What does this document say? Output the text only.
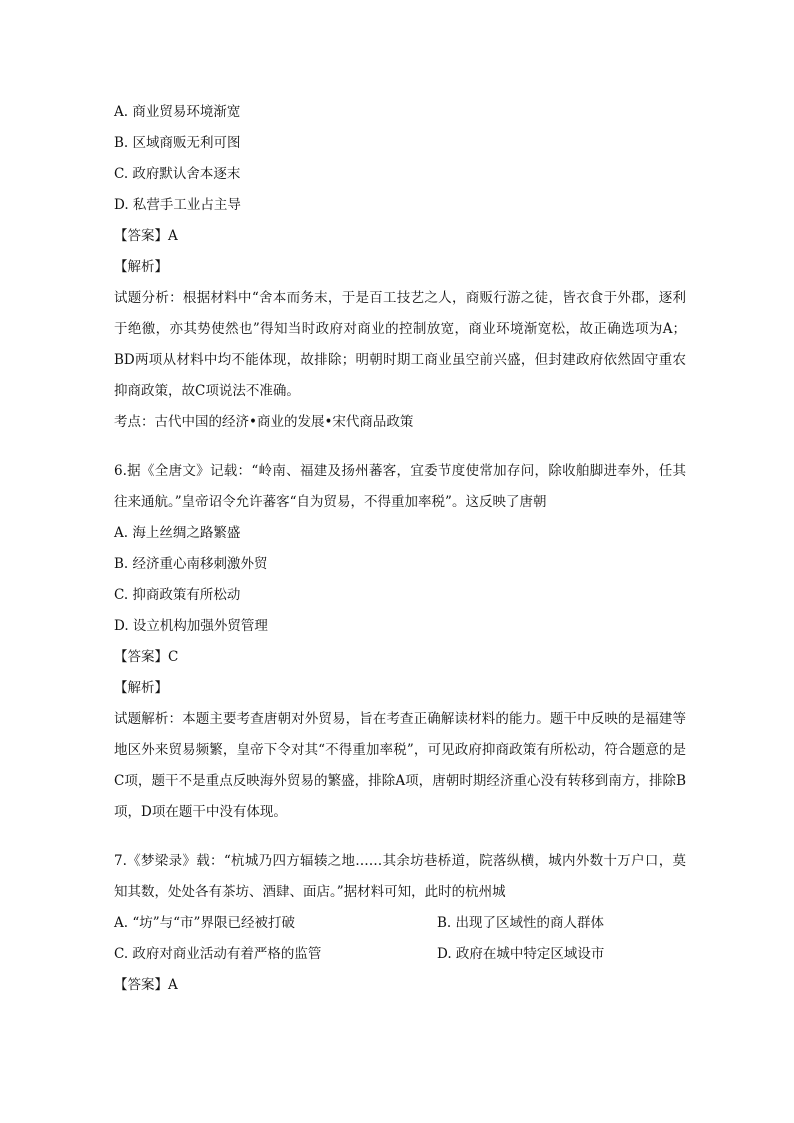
A. 商业贸易环境渐宽
B. 区域商贩无利可图
C. 政府默认舍本逐末
D. 私营手工业占主导
【答案】A
【解析】
试题分析：根据材料中“舍本而务末，于是百工技艺之人，商贩行游之徒，皆衣食于外郡，逐利于绝徼，亦其势使然也”得知当时政府对商业的控制放宽，商业环境渐宽松，故正确选项为A；BD两项从材料中均不能体现，故排除；明朝时期工商业虽空前兴盛，但封建政府依然固守重农抑商政策，故C项说法不准确。
考点：古代中国的经济•商业的发展•宋代商品政策
6.据《全唐文》记载：“岭南、福建及扬州蕃客，宜委节度使常加存问，除收舶脚进奉外，任其往来通航。”皇帝诏令允许蕃客“自为贸易，不得重加率税”。这反映了唐朝
A. 海上丝绸之路繁盛
B. 经济重心南移刺激外贸
C. 抑商政策有所松动
D. 设立机构加强外贸管理
【答案】C
【解析】
试题解析：本题主要考查唐朝对外贸易，旨在考查正确解读材料的能力。题干中反映的是福建等地区外来贸易频繁，皇帝下令对其“不得重加率税”，可见政府抑商政策有所松动，符合题意的是C项，题干不是重点反映海外贸易的繁盛，排除A项，唐朝时期经济重心没有转移到南方，排除B项，D项在题干中没有体现。
7.《梦梁录》载：“杭城乃四方辐辏之地……其余坊巷桥道，院落纵横，城内外数十万户口，莫知其数，处处各有茶坊、酒肆、面店。”据材料可知，此时的杭州城
A. “坊”与“市”界限已经被打破	B. 出现了区域性的商人群体
C. 政府对商业活动有着严格的监管	D. 政府在城中特定区域设市
【答案】A
